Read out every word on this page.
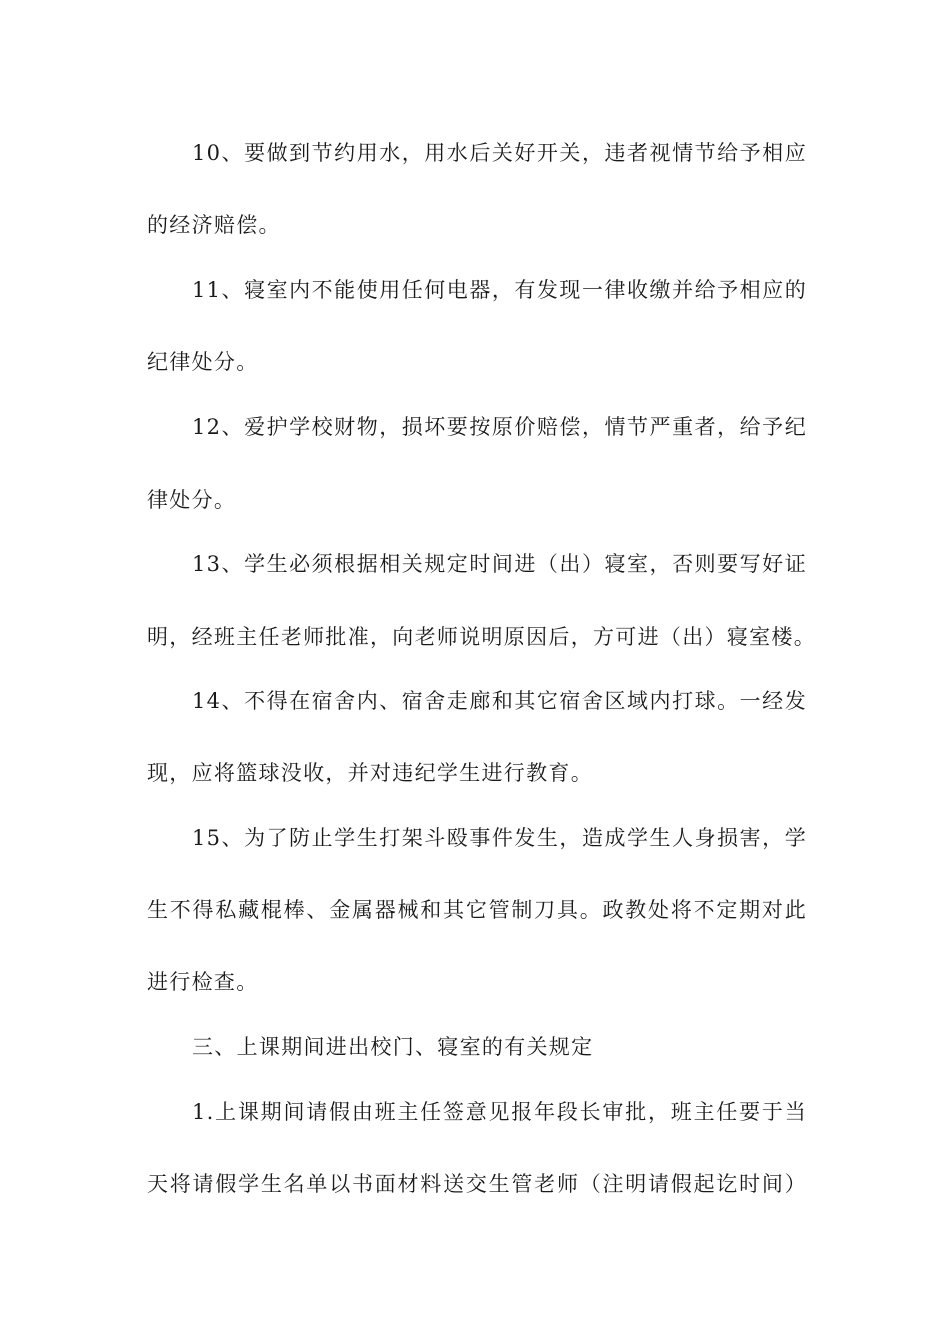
10、要做到节约用水，用水后关好开关，违者视情节给予相应
的经济赔偿。
11、寝室内不能使用任何电器，有发现一律收缴并给予相应的
纪律处分。
12、爱护学校财物，损坏要按原价赔偿，情节严重者，给予纪
律处分。
13、学生必须根据相关规定时间进（出）寝室，否则要写好证
明，经班主任老师批准，向老师说明原因后，方可进（出）寝室楼。
14、不得在宿舍内、宿舍走廊和其它宿舍区域内打球。一经发
现，应将篮球没收，并对违纪学生进行教育。
15、为了防止学生打架斗殴事件发生，造成学生人身损害，学
生不得私藏棍棒、金属器械和其它管制刀具。政教处将不定期对此
进行检查。
三、上课期间进出校门、寝室的有关规定
1.上课期间请假由班主任签意见报年段长审批，班主任要于当
天将请假学生名单以书面材料送交生管老师（注明请假起讫时间）
